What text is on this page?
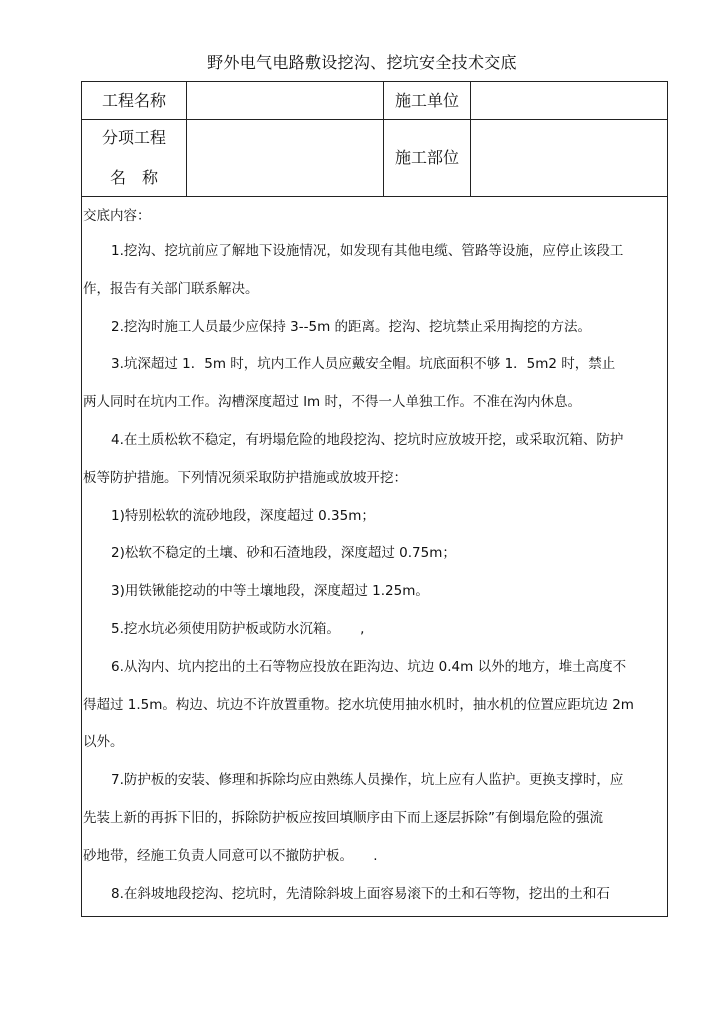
野外电气电路敷设挖沟、挖坑安全技术交底
工程名称	施工单位
分项工程
名　称
施工部位
交底内容：
1.挖沟、挖坑前应了解地下设施情况，如发现有其他电缆、管路等设施，应停止该段工
作，报告有关部门联系解决。
2.挖沟时施工人员最少应保持 3--5m 的距离。挖沟、挖坑禁止采用掏挖的方法。
3.坑深超过 1．5m 时，坑内工作人员应戴安全帽。坑底面积不够 1．5m2 时，禁止
两人同时在坑内工作。沟槽深度超过 lm 时，不得一人单独工作。不准在沟内休息。
4.在土质松软不稳定，有坍塌危险的地段挖沟、挖坑时应放坡开挖，或采取沉箱、防护
板等防护措施。下列情况须采取防护措施或放坡开挖：
1)特别松软的流砂地段，深度超过 0.35m；
2)松软不稳定的土壤、砂和石渣地段，深度超过 0.75m；
3)用铁锹能挖动的中等土壤地段，深度超过 1.25m。
5.挖水坑必须使用防护板或防水沉箱。　　,
6.从沟内、坑内挖出的土石等物应投放在距沟边、坑边 0.4m 以外的地方，堆土高度不
得超过 1.5m。构边、坑边不许放置重物。挖水坑使用抽水机时，抽水机的位置应距坑边 2m
以外。
7.防护板的安装、修理和拆除均应由熟练人员操作，坑上应有人监护。更换支撑时，应
先装上新的再拆下旧的，拆除防护板应按回填顺序由下而上逐层拆除”有倒塌危险的强流
砂地带，经施工负责人同意可以不撤防护板。　　.
8.在斜坡地段挖沟、挖坑时，先清除斜坡上面容易滚下的土和石等物，挖出的土和石
